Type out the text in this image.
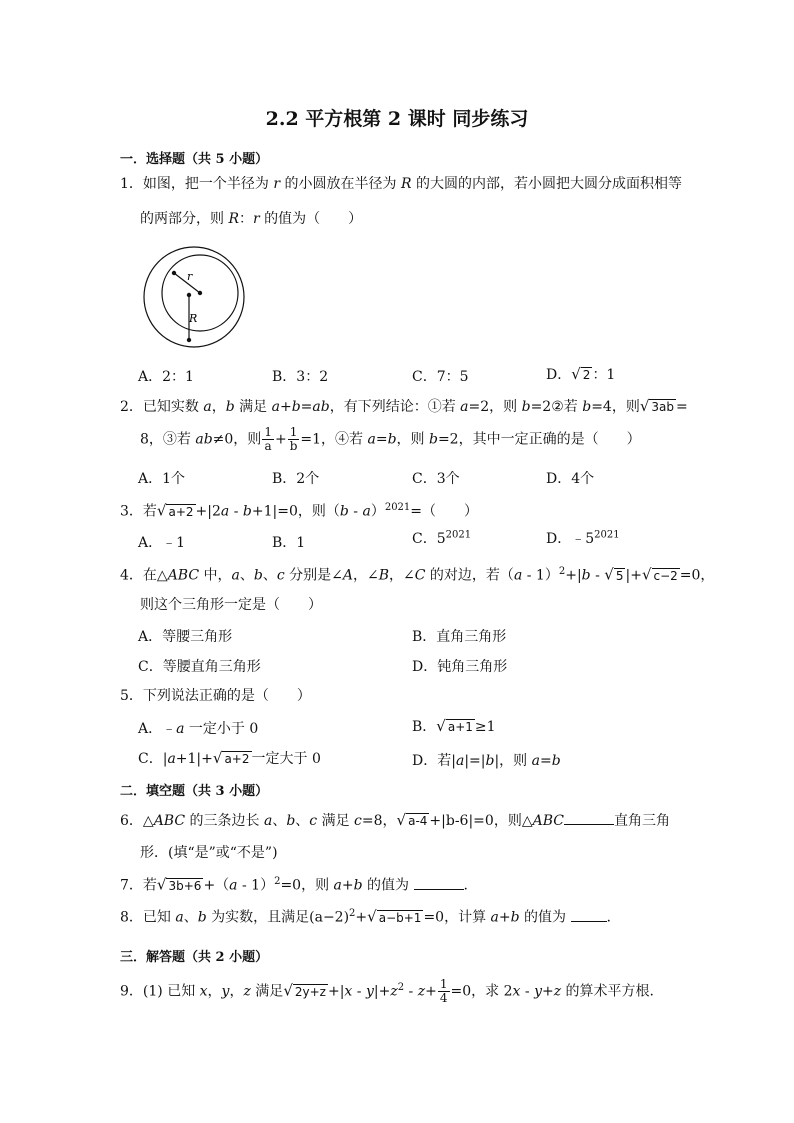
2.2 平方根第 2 课时 同步练习
一．选择题（共 5 小题）
1．如图，把一个半径为 r 的小圆放在半径为 R 的大圆的内部，若小圆把大圆分成面积相等
的两部分，则 R：r 的值为（　　）
r
R
A．2：1	B．3：2	C．7：5	D．√ 2 ：1
2．已知实数 a，b 满足 a+b=ab，有下列结论：①若 a=2，则 b=2②若 b=4，则√ 3ab =
8，③若 ab≠0，则 $\frac{1}{a} + \frac{1}{b} =1$，④若 a=b，则 b=2，其中一定正确的是（　　）
A．1个	B．2个	C．3个	D．4个
3．若√ a+2 +|2a - b+1|=0，则（b - a）$^{2021}$=（　　）
A．﹣1	B．1	C．$5^{2021}$	D．$﹣5^{2021}$
4．在△ABC 中，a、b、c 分别是∠A，∠B，∠C 的对边，若（a - 1）$^2$+|b - √ 5 |+√ c−2 =0，
则这个三角形一定是（　　）
A．等腰三角形	B．直角三角形
C．等腰直角三角形	D．钝角三角形
5．下列说法正确的是（　　）
A．﹣a 一定小于 0	B．√ a+1 ≥1
C．|a+1|+√ a+2 一定大于 0	D．若|a|=|b|，则 a=b
二．填空题（共 3 小题）
6．△ABC 的三条边长 a、b、c 满足 c=8，√ a-4 +|b-6|=0，则△ABC	直角三角
形．(填“是”或“不是”)
7．若√ 3b+6 +（a - 1）$^2$=0，则 a+b 的值为	.
8．已知 a、b 为实数，且满足$(a-2)^2+√$ a−b+1 =0，计算 a+b 的值为	.
三．解答题（共 2 小题）
9．(1) 已知 x，y，z 满足√ $2y+z +|x - y|+z^2 - z+ \frac{1}{4} =0$，求 2x - y+z 的算术平方根.
